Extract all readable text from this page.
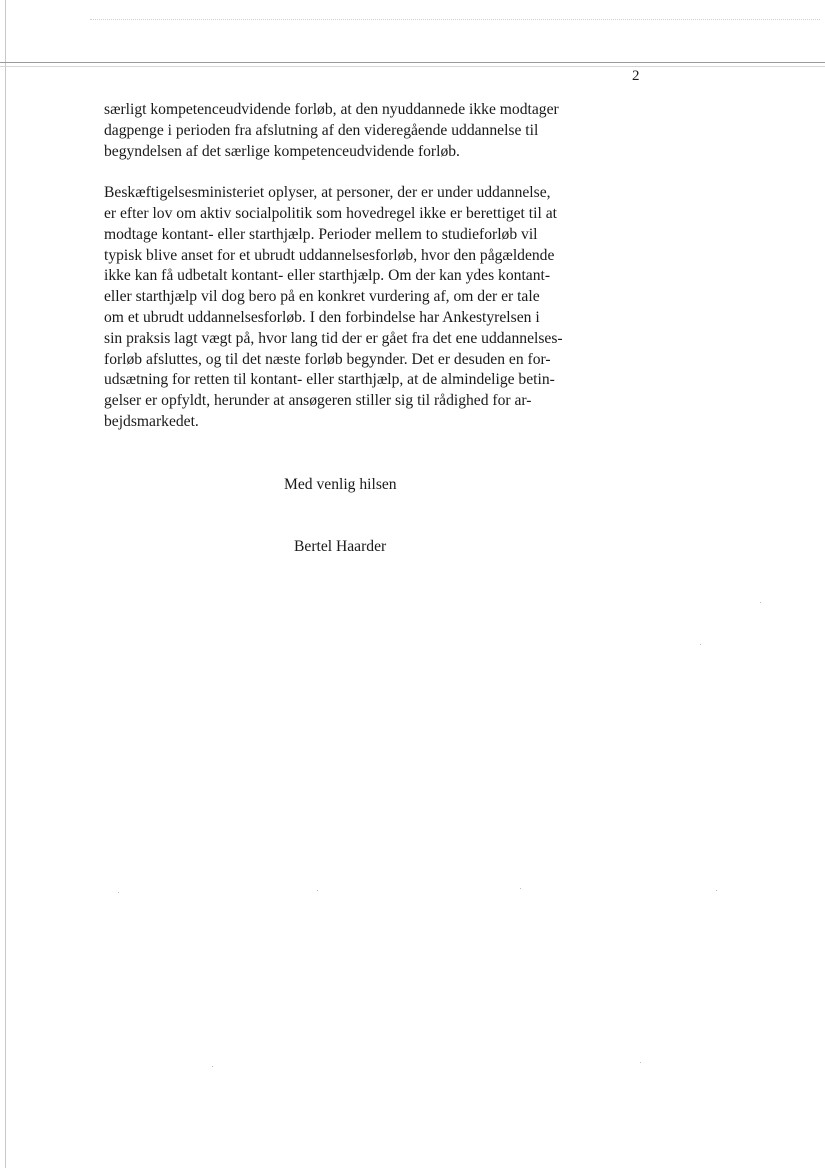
2

særligt kompetenceudvidende forløb, at den nyuddannede ikke modtager
dagpenge i perioden fra afslutning af den videregående uddannelse til
begyndelsen af det særlige kompetenceudvidende forløb.

Beskæftigelsesministeriet oplyser, at personer, der er under uddannelse,
er efter lov om aktiv socialpolitik som hovedregel ikke er berettiget til at
modtage kontant- eller starthjælp. Perioder mellem to studieforløb vil
typisk blive anset for et ubrudt uddannelsesforløb, hvor den pågældende
ikke kan få udbetalt kontant- eller starthjælp. Om der kan ydes kontant-
eller starthjælp vil dog bero på en konkret vurdering af, om der er tale
om et ubrudt uddannelsesforløb. I den forbindelse har Ankestyrelsen i
sin praksis lagt vægt på, hvor lang tid der er gået fra det ene uddannelses-
forløb afsluttes, og til det næste forløb begynder. Det er desuden en for-
udsætning for retten til kontant- eller starthjælp, at de almindelige betin-
gelser er opfyldt, herunder at ansøgeren stiller sig til rådighed for ar-
bejdsmarkedet.

Med venlig hilsen
Bertel Haarder
